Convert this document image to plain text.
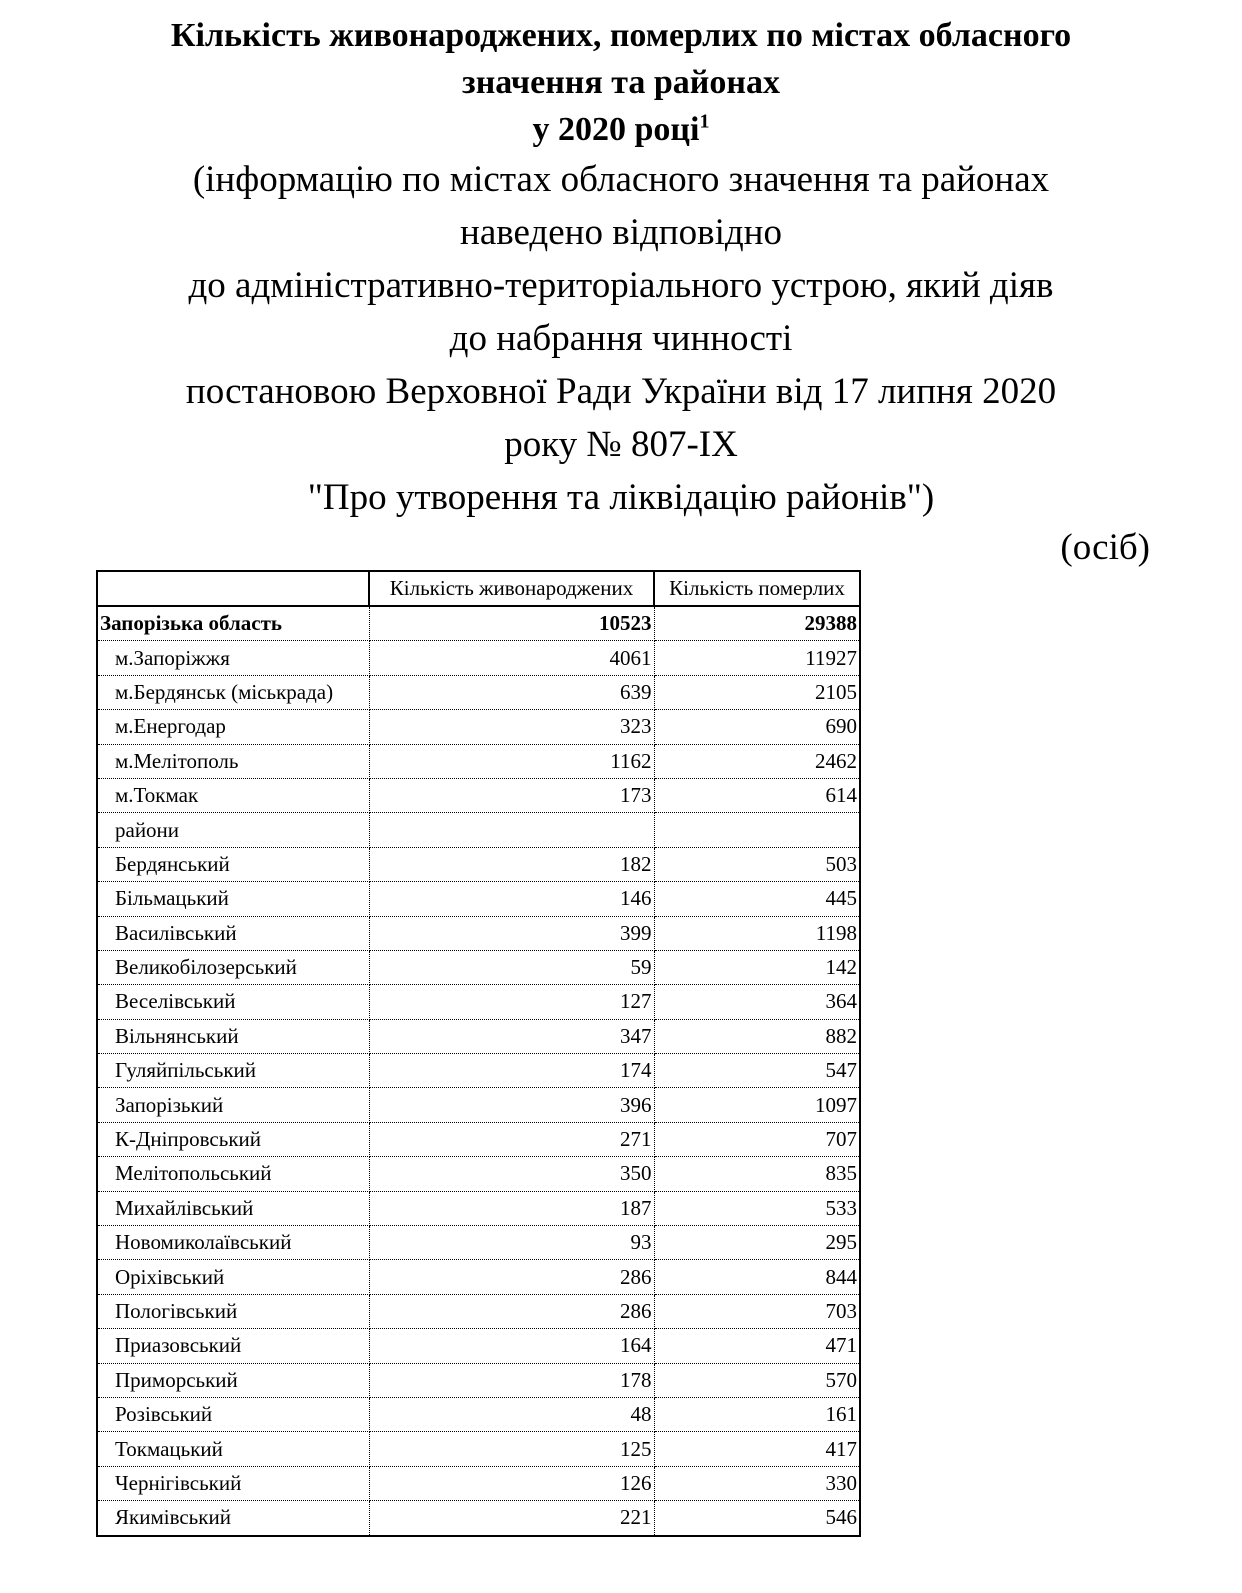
Кількість живонароджених, померлих по містах обласного

значення та районах

у 2020 році$^1$

(інформацію по містах обласного значення та районах

наведено відповідно

до адміністративно-територіального устрою, який діяв

до набрання чинності

постановою Верховної Ради України від 17 липня 2020

року № 807-IX

"Про утворення та ліквідацію районів")

(осіб)
	Кількість живонароджених	Кількість померлих
Запорізька область	10523	29388
м.Запоріжжя	4061	11927
м.Бердянськ (міськрада)	639	2105
м.Енергодар	323	690
м.Мелітополь	1162	2462
м.Токмак	173	614
райони		
Бердянський	182	503
Більмацький	146	445
Василівський	399	1198
Великобілозерський	59	142
Веселівський	127	364
Вільнянський	347	882
Гуляйпільський	174	547
Запорізький	396	1097
К-Дніпровський	271	707
Мелітопольський	350	835
Михайлівський	187	533
Новомиколаївський	93	295
Оріхівський	286	844
Пологівський	286	703
Приазовський	164	471
Приморський	178	570
Розівський	48	161
Токмацький	125	417
Чернігівський	126	330
Якимівський	221	546
